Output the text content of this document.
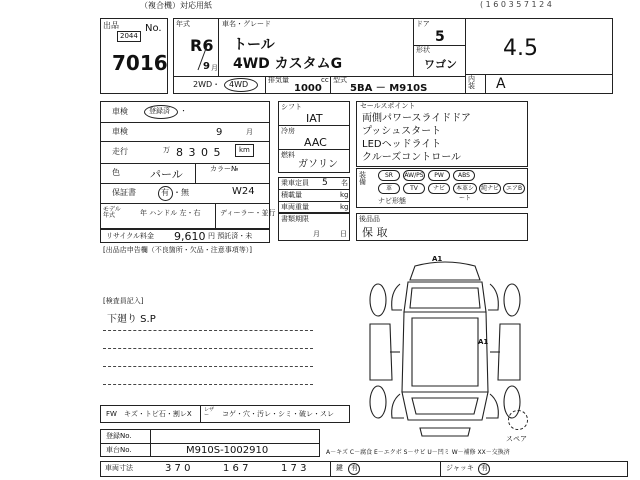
（複合機）対応用紙	( 1 6 0 3 5 7 1 2 4
出品	No.
2044
7016
年式
R6
9 月
車名・グレード
トール
4WD カスタムG
ドア
5
形状
ワゴン
2WD・ 4WD	排気量
1000
cc 型式
5BA － M910S
4.5
内装 A
車検	登録済 ・
車検	9	月
走行	万 8 3 0 5	km
色	パール	カラー№
保証書	有 ・無	W24
モデル年式	年 ハンドル 左・右	ディーラー・並行
リサイクル料金 9,610 円 預託済・未
[出品店申告欄（不良箇所・欠品・注意事項等）]
シフト
IAT
冷房
AAC
燃料
ガソリン
乗車定員 5 名
積載量	kg
車両重量	kg
書類期限
月	日
セールスポイント
両側パワースライドドア
プッシュスタート
LEDヘッドライト
クルーズコントロール
装備
SR	AW/PS	PW	ABS
革	TV	ナビ	本革シート
純ナビ	エアB
ナビ形態
後品品
保 取
[検査員記入]
下廻り S.P
A1
A1
スペア
FW キズ・トビ石・割レX レザー	コゲ・穴・汚レ・シミ・破レ・スレ
登録No.
車台No.	M910S-1002910	A－キズ C－腐食 E－エクボ S－サビ U－凹ミ W－補修 XX－交換済
車両寸法	3 7 0	1 6 7	1 7 3	鍵 有	ジャッキ 有
